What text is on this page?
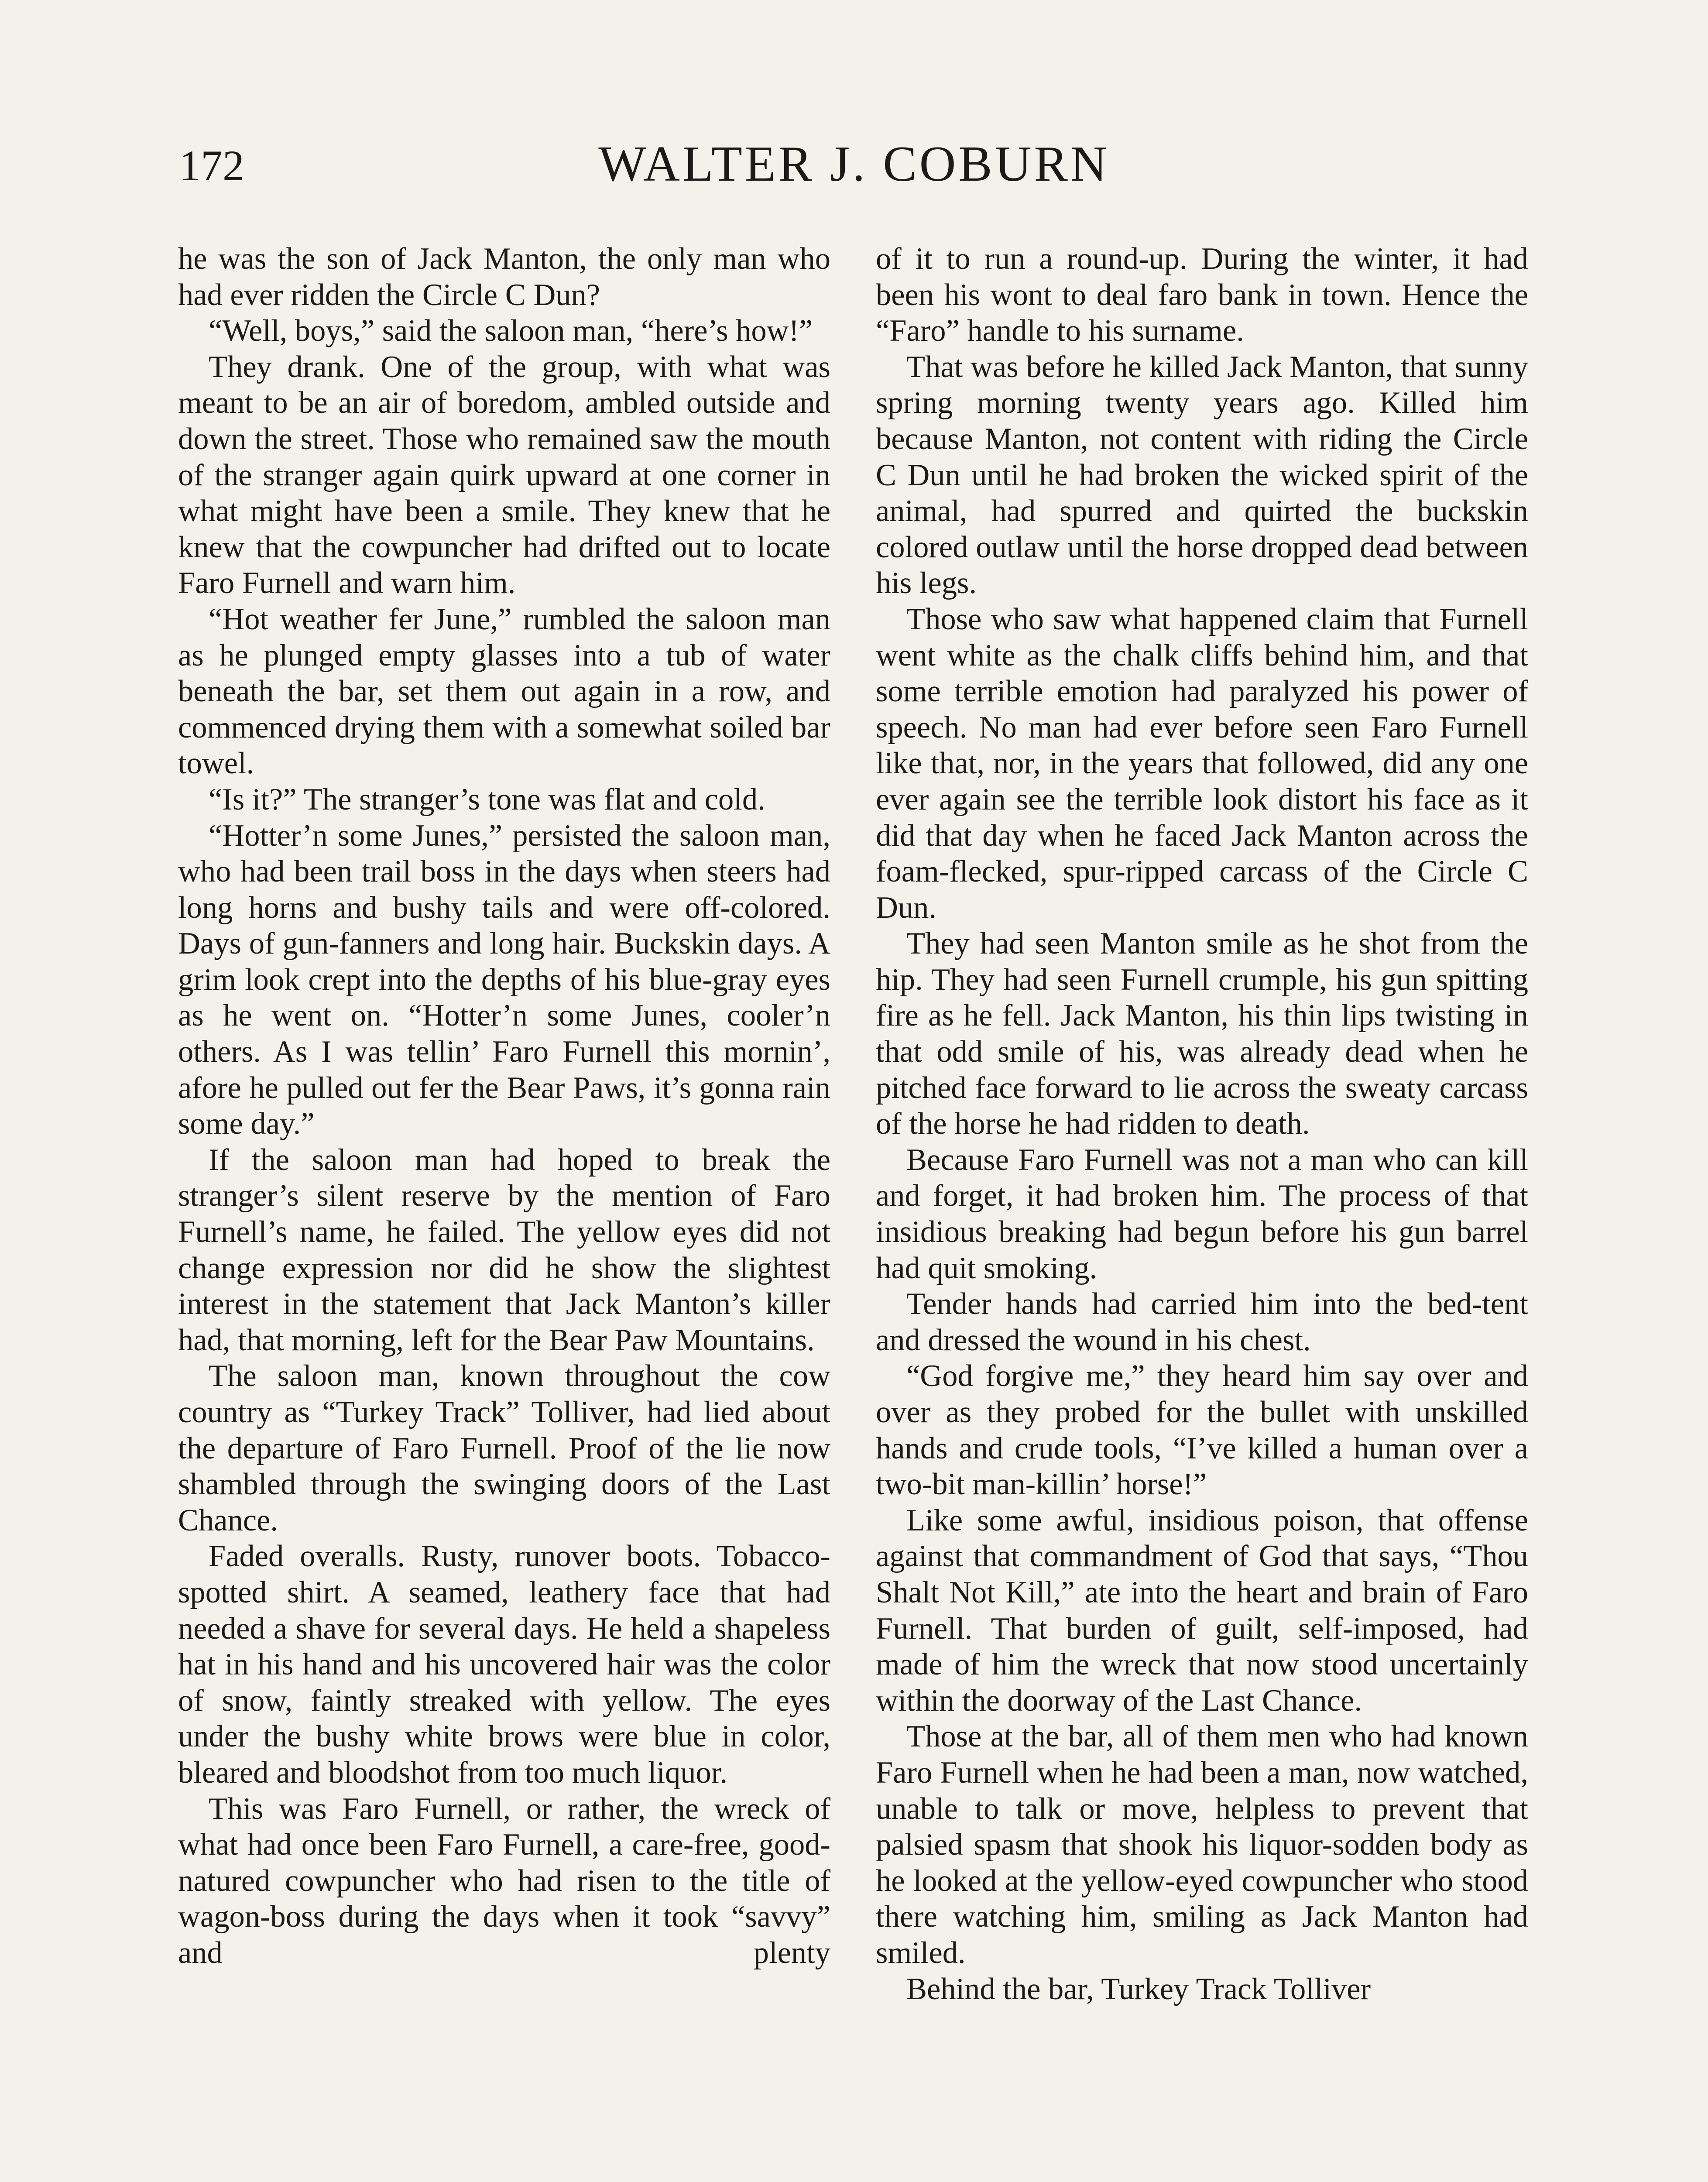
172	WALTER J. COBURN

he was the son of Jack Manton, the only man who had ever ridden the Circle C Dun?

“Well, boys,” said the saloon man, “here’s how!”

They drank. One of the group, with what was meant to be an air of boredom, ambled outside and down the street. Those who remained saw the mouth of the stranger again quirk upward at one corner in what might have been a smile. They knew that he knew that the cowpuncher had drifted out to locate Faro Furnell and warn him.

“Hot weather fer June,” rumbled the saloon man as he plunged empty glasses into a tub of water beneath the bar, set them out again in a row, and commenced drying them with a somewhat soiled bar towel.

“Is it?” The stranger’s tone was flat and cold.

“Hotter’n some Junes,” persisted the saloon man, who had been trail boss in the days when steers had long horns and bushy tails and were off-colored. Days of gun-fanners and long hair. Buckskin days. A grim look crept into the depths of his blue-gray eyes as he went on. “Hotter’n some Junes, cooler’n others. As I was tellin’ Faro Furnell this mornin’, afore he pulled out fer the Bear Paws, it’s gonna rain some day.”

If the saloon man had hoped to break the stranger’s silent reserve by the mention of Faro Furnell’s name, he failed. The yellow eyes did not change expression nor did he show the slightest interest in the statement that Jack Manton’s killer had, that morning, left for the Bear Paw Mountains.

The saloon man, known throughout the cow country as “Turkey Track” Tolliver, had lied about the departure of Faro Furnell. Proof of the lie now shambled through the swinging doors of the Last Chance.

Faded overalls. Rusty, runover boots. Tobacco-spotted shirt. A seamed, leathery face that had needed a shave for several days. He held a shapeless hat in his hand and his uncovered hair was the color of snow, faintly streaked with yellow. The eyes under the bushy white brows were blue in color, bleared and bloodshot from too much liquor.

This was Faro Furnell, or rather, the wreck of what had once been Faro Furnell, a care-free, good-natured cowpuncher who had risen to the title of wagon-boss during the days when it took “savvy” and plenty

of it to run a round-up. During the winter, it had been his wont to deal faro bank in town. Hence the “Faro” handle to his surname.

That was before he killed Jack Manton, that sunny spring morning twenty years ago. Killed him because Manton, not content with riding the Circle C Dun until he had broken the wicked spirit of the animal, had spurred and quirted the buckskin colored outlaw until the horse dropped dead between his legs.

Those who saw what happened claim that Furnell went white as the chalk cliffs behind him, and that some terrible emotion had paralyzed his power of speech. No man had ever before seen Faro Furnell like that, nor, in the years that followed, did any one ever again see the terrible look distort his face as it did that day when he faced Jack Manton across the foam-flecked, spur-ripped carcass of the Circle C Dun.

They had seen Manton smile as he shot from the hip. They had seen Furnell crumple, his gun spitting fire as he fell. Jack Manton, his thin lips twisting in that odd smile of his, was already dead when he pitched face forward to lie across the sweaty carcass of the horse he had ridden to death.

Because Faro Furnell was not a man who can kill and forget, it had broken him. The process of that insidious breaking had begun before his gun barrel had quit smoking.

Tender hands had carried him into the bed-tent and dressed the wound in his chest.

“God forgive me,” they heard him say over and over as they probed for the bullet with unskilled hands and crude tools, “I’ve killed a human over a two-bit man-killin’ horse!”

Like some awful, insidious poison, that offense against that commandment of God that says, “Thou Shalt Not Kill,” ate into the heart and brain of Faro Furnell. That burden of guilt, self-imposed, had made of him the wreck that now stood uncertainly within the doorway of the Last Chance.

Those at the bar, all of them men who had known Faro Furnell when he had been a man, now watched, unable to talk or move, helpless to prevent that palsied spasm that shook his liquor-sodden body as he looked at the yellow-eyed cowpuncher who stood there watching him, smiling as Jack Manton had smiled.

Behind the bar, Turkey Track Tolliver
